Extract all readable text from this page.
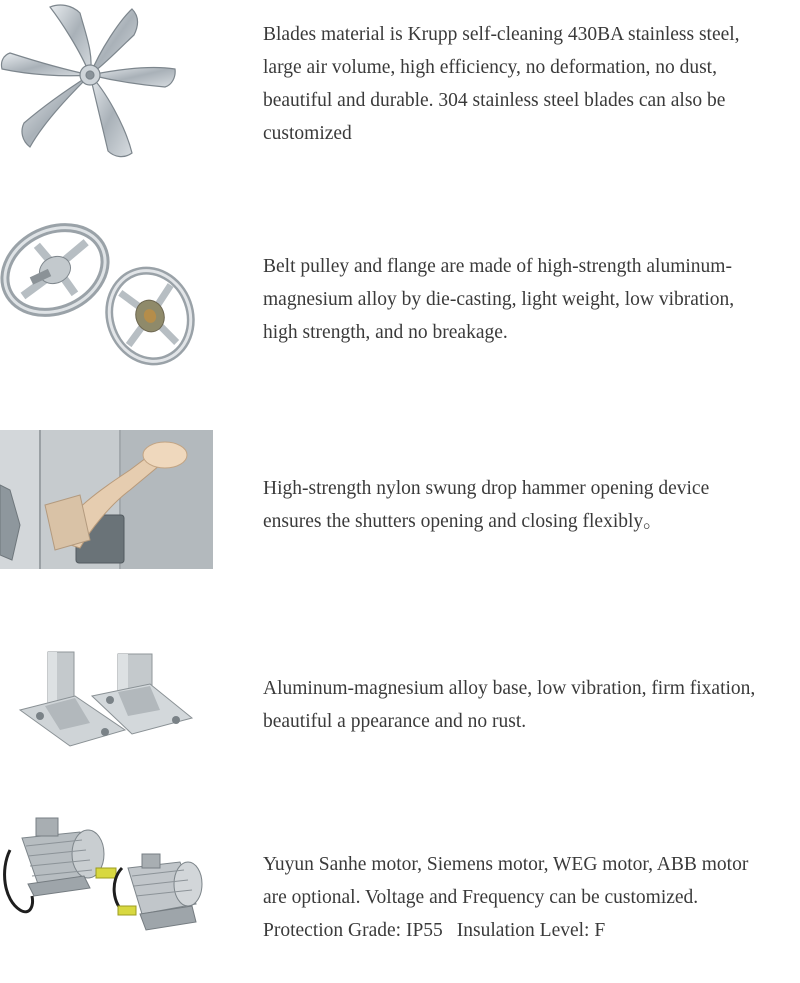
Blades material is Krupp self-cleaning 430BA stainless steel,

large air volume, high efficiency, no deformation, no dust,

beautiful and durable. 304 stainless steel blades can also be

customized

Belt pulley and flange are made of high-strength aluminum-

magnesium alloy by die-casting, light weight, low vibration,

high strength, and no breakage.

High-strength nylon swung drop hammer opening device

ensures the shutters opening and closing flexibly。

Aluminum-magnesium alloy base, low vibration, firm fixation,

beautiful a ppearance and no rust.

Yuyun Sanhe motor, Siemens motor, WEG motor, ABB motor

are optional. Voltage and Frequency can be customized.

Protection Grade: IP55 Insulation Level: F
